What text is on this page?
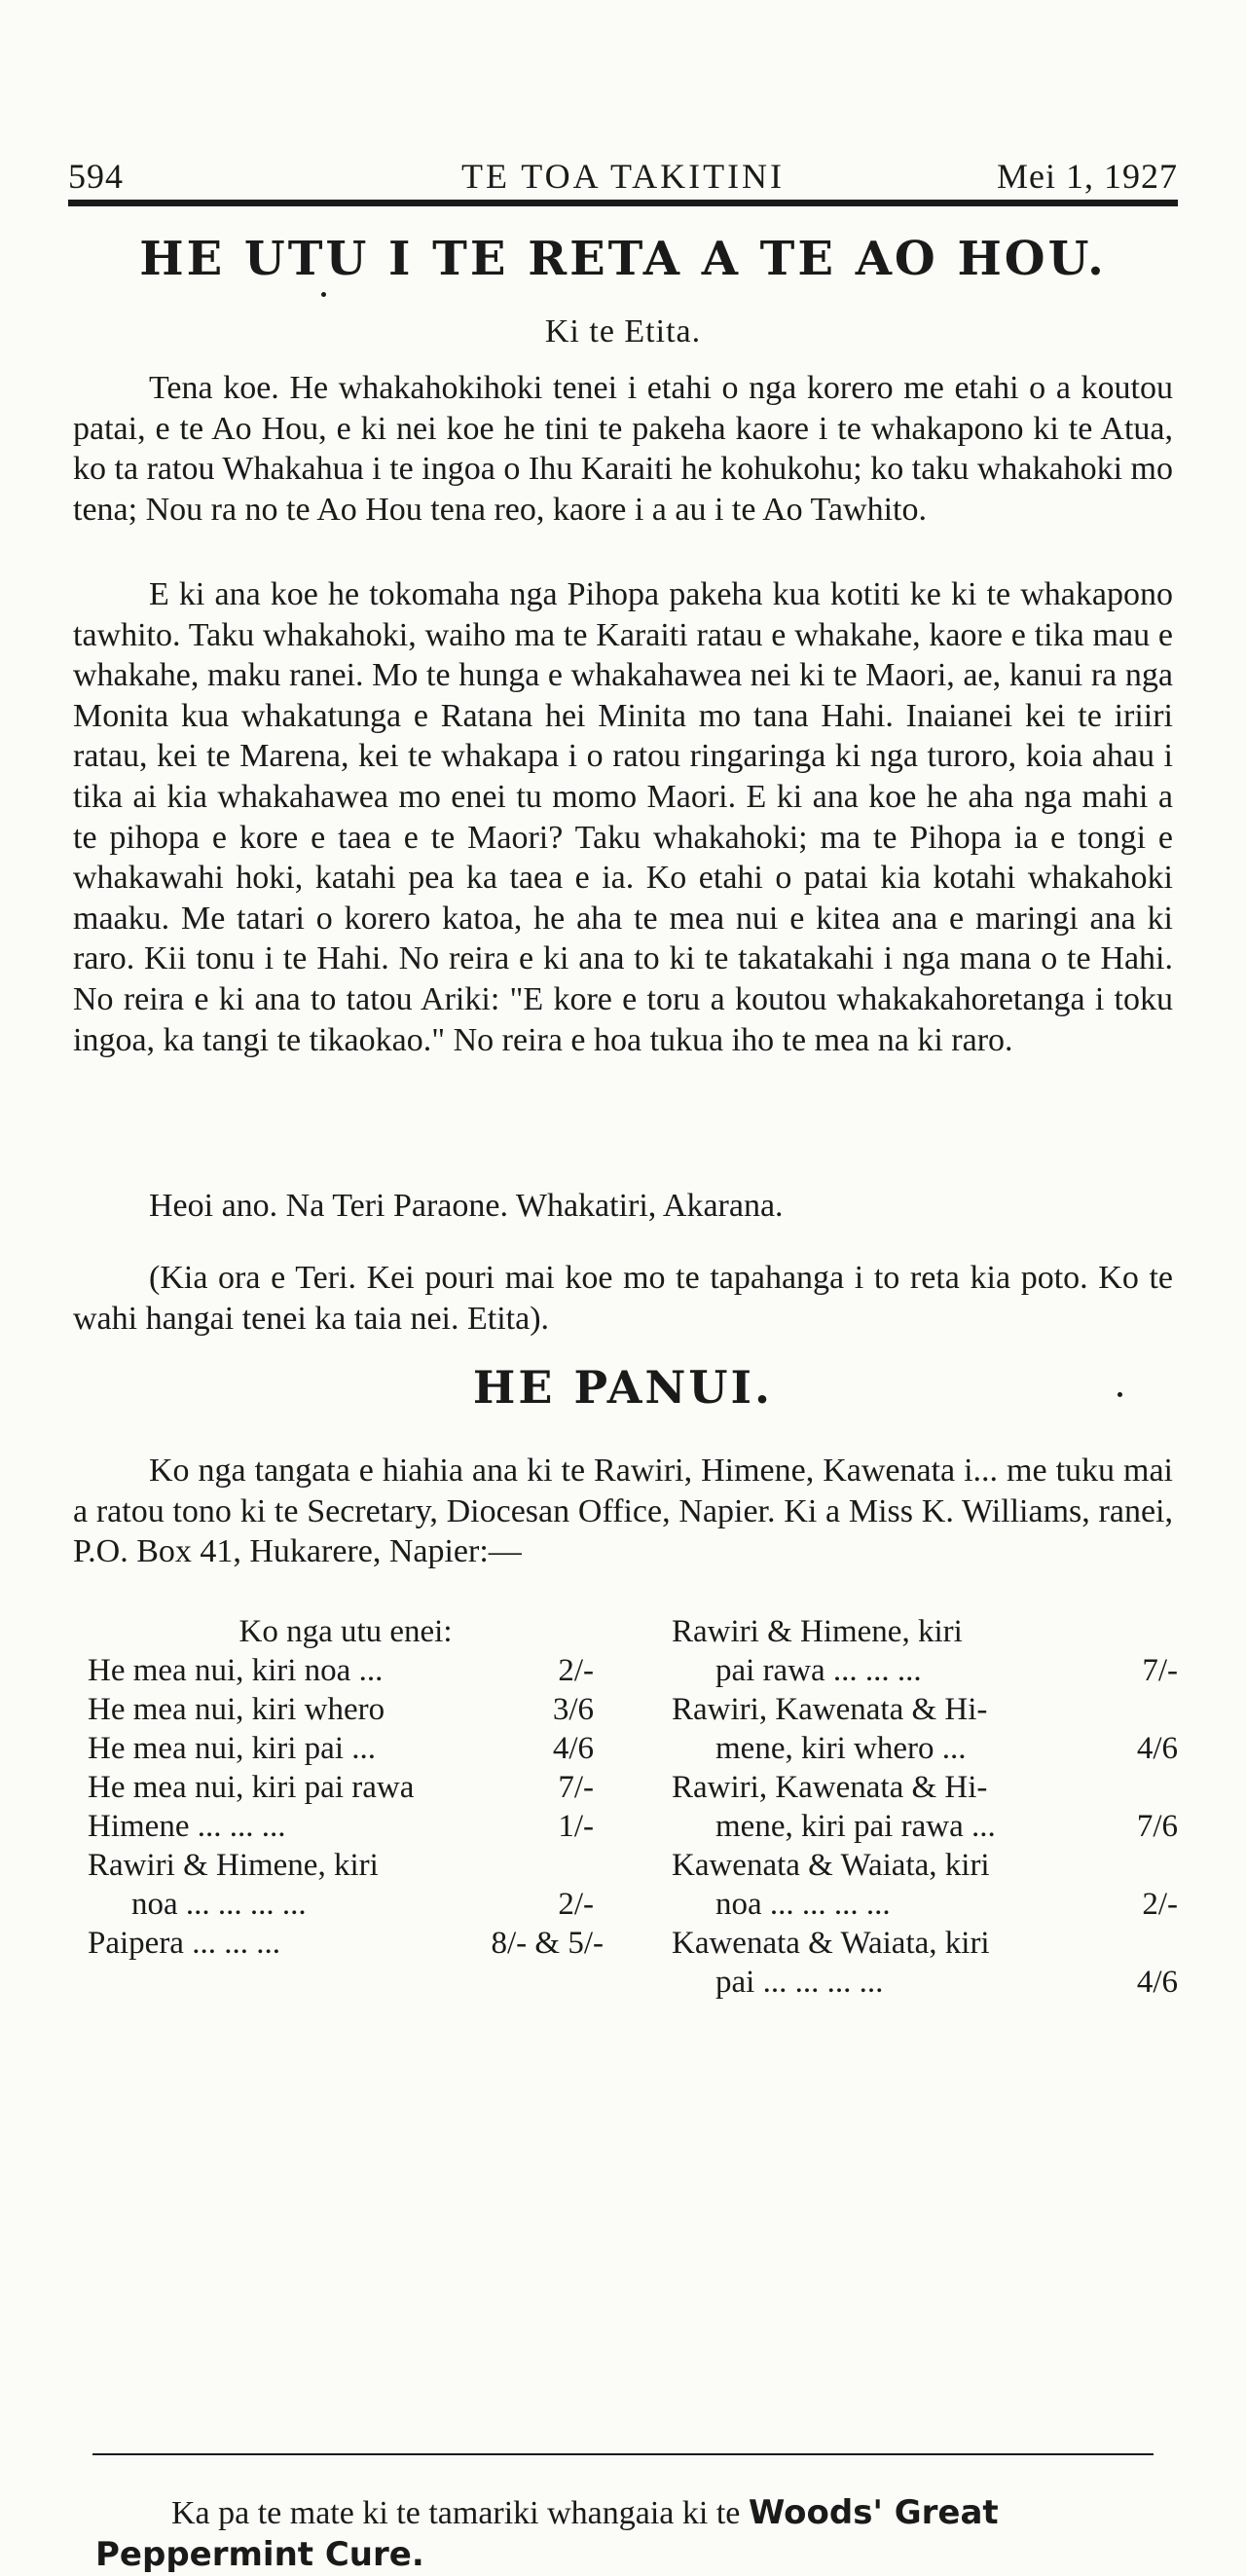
594	TE TOA TAKITINI	Mei 1, 1927
HE UTU I TE RETA A TE AO HOU.
Ki te Etita.

Tena koe. He whakahokihoki tenei i etahi o nga korero me etahi o a koutou patai, e te Ao Hou, e ki nei koe he tini te pakeha kaore i te whakapono ki te Atua, ko ta ratou Whakahua i te ingoa o Ihu Karaiti he kohukohu; ko taku whakahoki mo tena; Nou ra no te Ao Hou tena reo, kaore i a au i te Ao Tawhito.

E ki ana koe he tokomaha nga Pihopa pakeha kua kotiti ke ki te whakapono tawhito. Taku whakahoki, waiho ma te Karaiti ratau e whakahe, kaore e tika mau e whakahe, maku ranei. Mo te hunga e whakahawea nei ki te Maori, ae, kanui ra nga Monita kua whakatunga e Ratana hei Minita mo tana Hahi. Inaianei kei te iriiri ratau, kei te Marena, kei te whakapa i o ratou ringaringa ki nga turoro, koia ahau i tika ai kia whakahawea mo enei tu momo Maori. E ki ana koe he aha nga mahi a te pihopa e kore e taea e te Maori? Taku whakahoki; ma te Pihopa ia e tongi e whakawahi hoki, katahi pea ka taea e ia. Ko etahi o patai kia kotahi whakahoki maaku. Me tatari o korero katoa, he aha te mea nui e kitea ana e maringi ana ki raro. Kii tonu i te Hahi. No reira e ki ana to ki te takatakahi i nga mana o te Hahi. No reira e ki ana to tatou Ariki: "E kore e toru a koutou whakakahoretanga i toku ingoa, ka tangi te tikaokao." No reira e hoa tukua iho te mea na ki raro.

Heoi ano. Na Teri Paraone. Whakatiri, Akarana.

(Kia ora e Teri. Kei pouri mai koe mo te tapahanga i to reta kia poto. Ko te wahi hangai tenei ka taia nei. Etita).

HE PANUI.

Ko nga tangata e hiahia ana ki te Rawiri, Himene, Kawenata i... me tuku mai a ratou tono ki te Secretary, Diocesan Office, Napier. Ki a Miss K. Williams, ranei, P.O. Box 41, Hukarere, Napier:—

Ko nga utu enei:
He mea nui, kiri noa ...	2/-
He mea nui, kiri whero	3/6
He mea nui, kiri pai ...	4/6
He mea nui, kiri pai rawa	7/-
Himene ... ... ...	1/-
Rawiri & Himene, kiri
noa ... ... ... ...	2/-
Paipera ... ... ...	8/- & 5/-
Rawiri & Himene, kiri
pai rawa ... ... ...	7/-
Rawiri, Kawenata & Hi-
mene, kiri whero ...	4/6
Rawiri, Kawenata & Hi-
mene, kiri pai rawa ...	7/6
Kawenata & Waiata, kiri
noa ... ... ... ...	2/-
Kawenata & Waiata, kiri
pai ... ... ... ...	4/6
Ka pa te mate ki te tamariki whangaia ki te Woods' Great Peppermint Cure.
